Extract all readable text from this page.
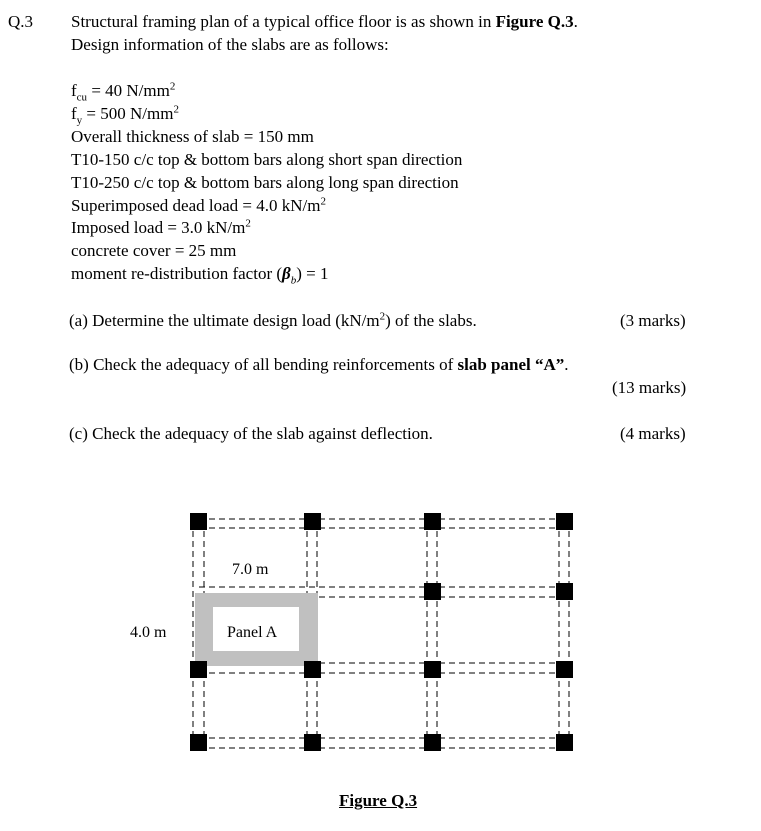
Q.3 Structural framing plan of a typical office floor is as shown in Figure Q.3.
Design information of the slabs are as follows:
$f_{cu} = 40$ $N/mm^2$
$f_y = 500$ $N/mm^2$
Overall thickness of slab = 150 mm
T10-150 c/c top & bottom bars along short span direction
T10-250 c/c top & bottom bars along long span direction
Superimposed dead load = 4.0 $kN/m^2$
Imposed load = 3.0 $kN/m^2$
concrete cover = 25 mm
moment re-distribution factor $(\beta_b) = 1$
(a) Determine the ultimate design load $(kN/m^2)$ of the slabs.	(3 marks)
(b) Check the adequacy of all bending reinforcements of slab panel “A”.
(13 marks)
(c) Check the adequacy of the slab against deflection.	(4 marks)
7.0 m
4.0 m	Panel A
Figure Q.3
